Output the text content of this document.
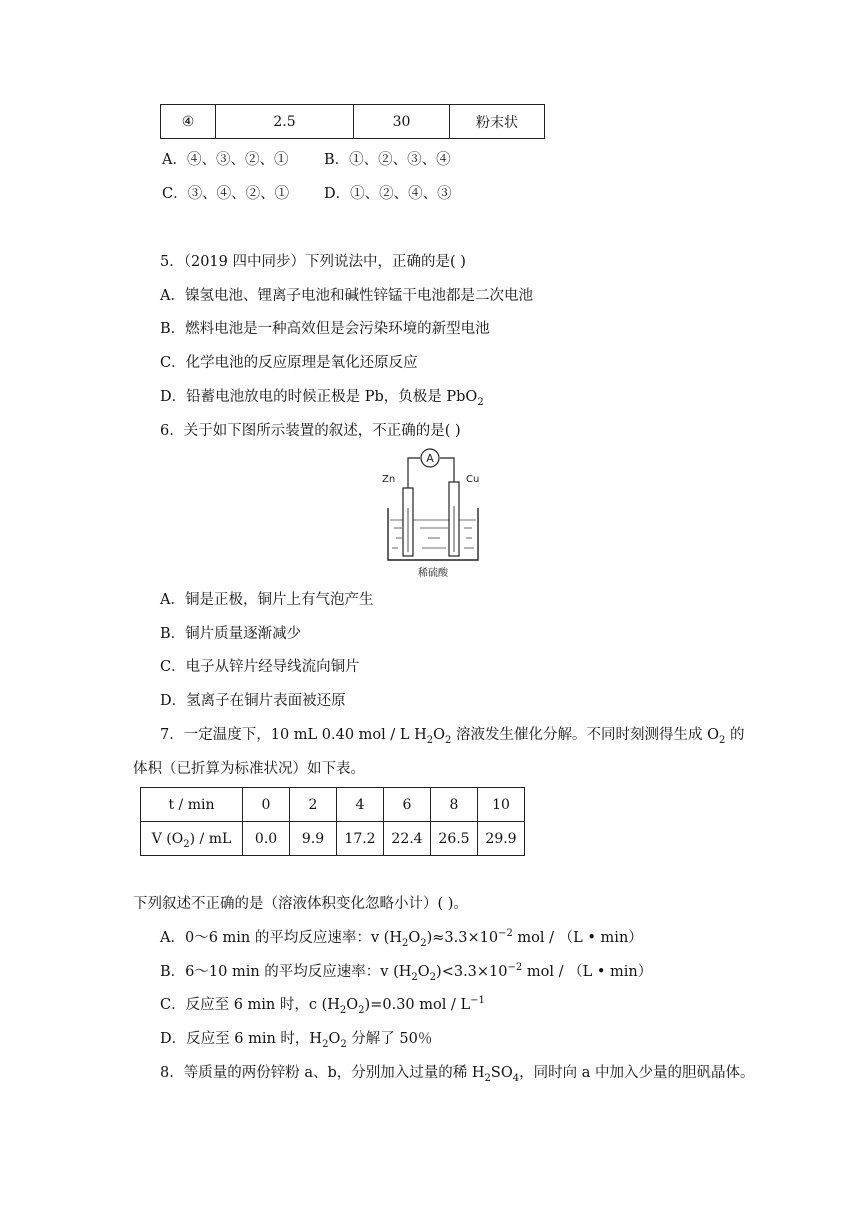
④	2.5	30	粉末状
A．④、③、②、① B．①、②、③、④
C．③、④、②、① D．①、②、④、③
5．（2019 四中同步）下列说法中，正确的是( )
A．镍氢电池、锂离子电池和碱性锌锰干电池都是二次电池
B．燃料电池是一种高效但是会污染环境的新型电池
C．化学电池的反应原理是氧化还原反应
D．铅蓄电池放电的时候正极是 Pb，负极是 PbO$_2$
6．关于如下图所示装置的叙述，不正确的是( )
A
Zn	Cu
稀硫酸
A．铜是正极，铜片上有气泡产生
B．铜片质量逐渐减少
C．电子从锌片经导线流向铜片
D．氢离子在铜片表面被还原
7．一定温度下，10 mL 0.40 mol / L $H_2O_2$ 溶液发生催化分解。不同时刻测得生成 $O_2$ 的
体积（已折算为标准状况）如下表。
t / min	0	2	4	6	8	10
V $(O_2)$ / mL	0.0	9.9	17.2	22.4	26.5	29.9
下列叙述不正确的是（溶液体积变化忽略小计）( )。
A．0～6 min 的平均反应速率：v $(H_2O_2)\approx 3.3\times 10^{-2}$ mol / （L • min）
B．6～10 min 的平均反应速率：v $(H_2O_2)<3.3\times 10^{-2}$ mol / （L • min）
C．反应至 6 min 时，c $(H_2O_2)=0.30$ mol / $L^{-1}$
D．反应至 6 min 时，$H_2O_2$ 分解了 50％
8．等质量的两份锌粉 a、b，分别加入过量的稀 $H_2SO_4$，同时向 a 中加入少量的胆矾晶体。
